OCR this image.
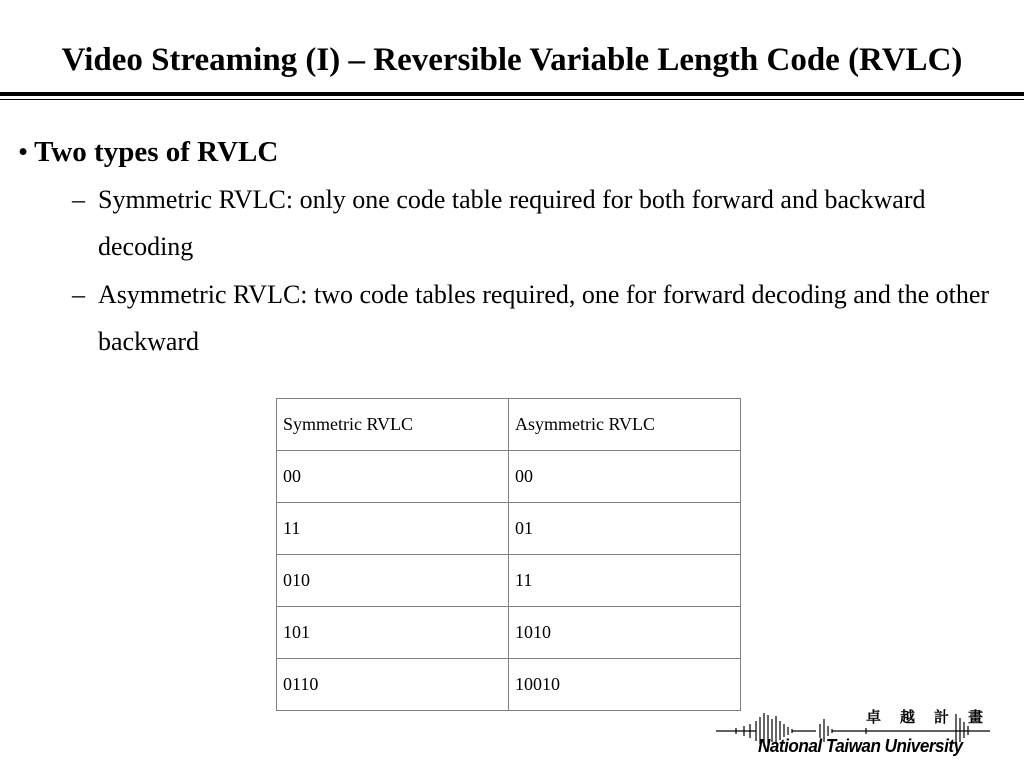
Video Streaming (I) – Reversible Variable Length Code (RVLC)
• Two types of RVLC
– Symmetric RVLC: only one code table required for both forward and backward decoding
– Asymmetric RVLC: two code tables required, one for forward decoding and the other backward
Symmetric RVLC	Asymmetric RVLC
00	00
11	01
010	11
101	1010
0110	10010
卓越計畫
National Taiwan University
